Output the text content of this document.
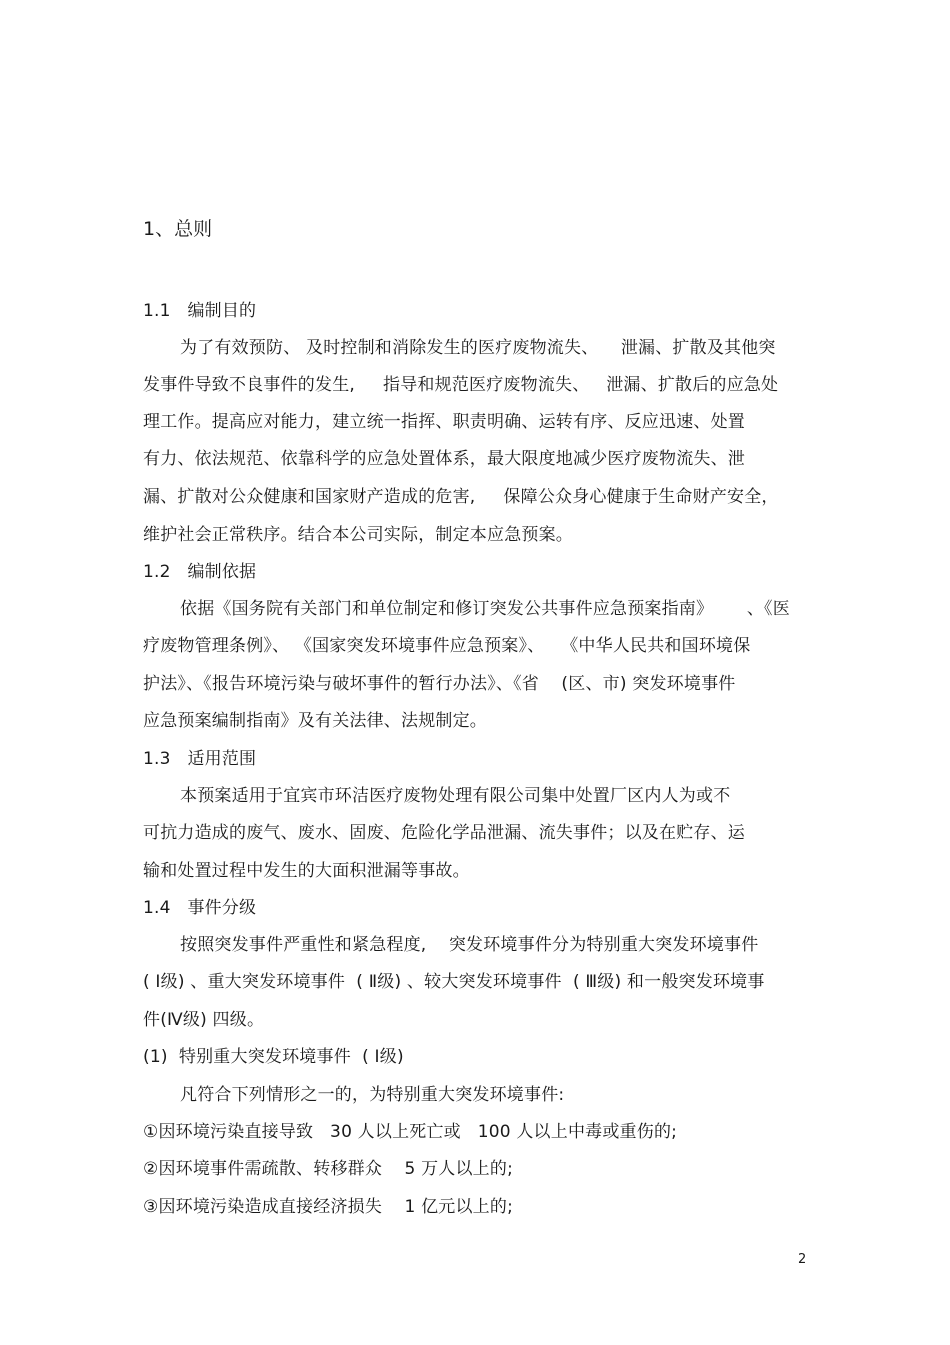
1、总则
1.1   编制目的
为了有效预防、 及时控制和消除发生的医疗废物流失、    泄漏、扩散及其他突
发事件导致不良事件的发生,     指导和规范医疗废物流失、   泄漏、扩散后的应急处
理工作。提高应对能力，建立统一指挥、职责明确、运转有序、反应迅速、处置
有力、依法规范、依靠科学的应急处置体系，最大限度地减少医疗废物流失、泄
漏、扩散对公众健康和国家财产造成的危害,     保障公众身心健康于生命财产安全，
维护社会正常秩序。结合本公司实际，制定本应急预案。
1.2   编制依据
依据《国务院有关部门和单位制定和修订突发公共事件应急预案指南》      、《医
疗废物管理条例》、 《国家突发环境事件应急预案》、   《中华人民共和国环境保
护法》、《报告环境污染与破坏事件的暂行办法》、《省    (区、市) 突发环境事件
应急预案编制指南》及有关法律、法规制定。
1.3   适用范围
本预案适用于宜宾市环洁医疗废物处理有限公司集中处置厂区内人为或不
可抗力造成的废气、废水、固废、危险化学品泄漏、流失事件；以及在贮存、运
输和处置过程中发生的大面积泄漏等事故。
1.4   事件分级
按照突发事件严重性和紧急程度,    突发环境事件分为特别重大突发环境事件
( Ⅰ级) 、重大突发环境事件  ( Ⅱ级) 、较大突发环境事件  ( Ⅲ级) 和一般突发环境事
件(Ⅳ级) 四级。
(1)  特别重大突发环境事件  ( Ⅰ级)
凡符合下列情形之一的，为特别重大突发环境事件:
①因环境污染直接导致   30 人以上死亡或   100 人以上中毒或重伤的;
②因环境事件需疏散、转移群众    5 万人以上的;
③因环境污染造成直接经济损失    1 亿元以上的;
2
